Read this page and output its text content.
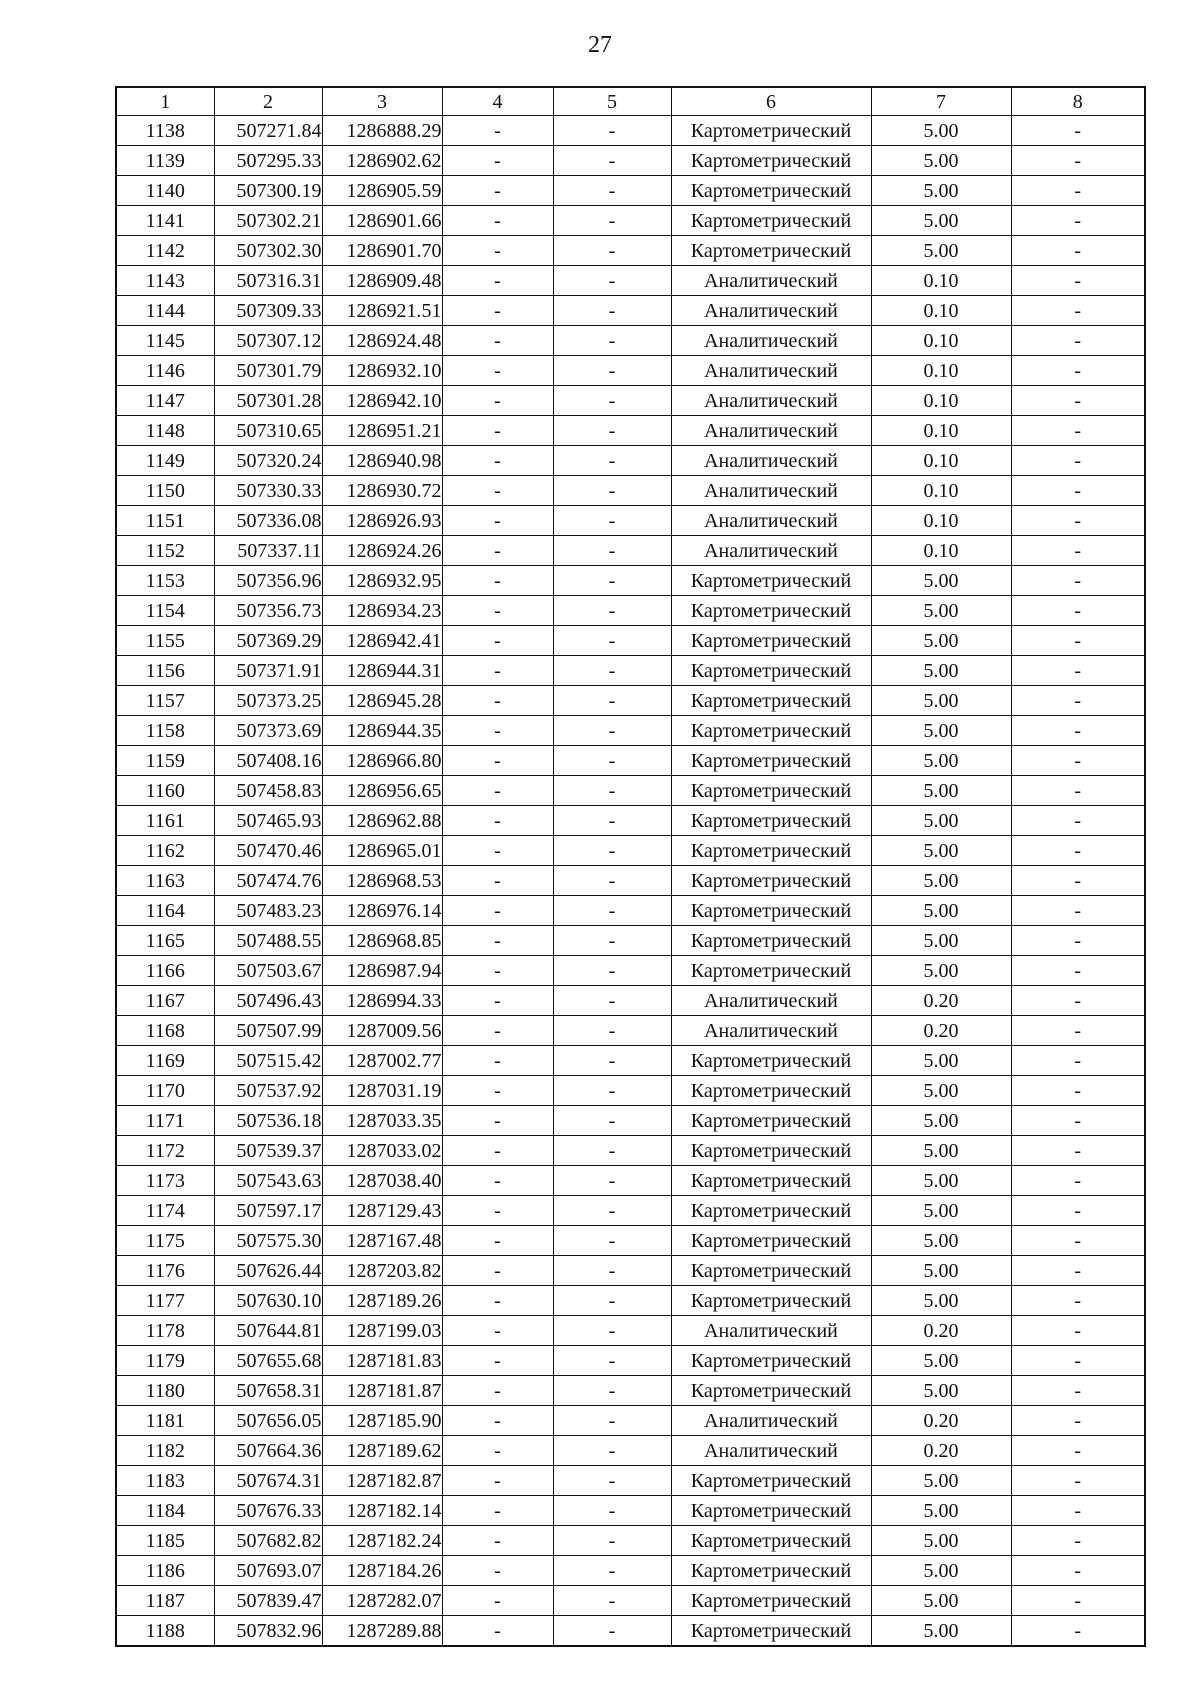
27
1	2	3	4	5	6	7	8
1138	507271.84	1286888.29	-	-	Картометрический	5.00	-
1139	507295.33	1286902.62	-	-	Картометрический	5.00	-
1140	507300.19	1286905.59	-	-	Картометрический	5.00	-
1141	507302.21	1286901.66	-	-	Картометрический	5.00	-
1142	507302.30	1286901.70	-	-	Картометрический	5.00	-
1143	507316.31	1286909.48	-	-	Аналитический	0.10	-
1144	507309.33	1286921.51	-	-	Аналитический	0.10	-
1145	507307.12	1286924.48	-	-	Аналитический	0.10	-
1146	507301.79	1286932.10	-	-	Аналитический	0.10	-
1147	507301.28	1286942.10	-	-	Аналитический	0.10	-
1148	507310.65	1286951.21	-	-	Аналитический	0.10	-
1149	507320.24	1286940.98	-	-	Аналитический	0.10	-
1150	507330.33	1286930.72	-	-	Аналитический	0.10	-
1151	507336.08	1286926.93	-	-	Аналитический	0.10	-
1152	507337.11	1286924.26	-	-	Аналитический	0.10	-
1153	507356.96	1286932.95	-	-	Картометрический	5.00	-
1154	507356.73	1286934.23	-	-	Картометрический	5.00	-
1155	507369.29	1286942.41	-	-	Картометрический	5.00	-
1156	507371.91	1286944.31	-	-	Картометрический	5.00	-
1157	507373.25	1286945.28	-	-	Картометрический	5.00	-
1158	507373.69	1286944.35	-	-	Картометрический	5.00	-
1159	507408.16	1286966.80	-	-	Картометрический	5.00	-
1160	507458.83	1286956.65	-	-	Картометрический	5.00	-
1161	507465.93	1286962.88	-	-	Картометрический	5.00	-
1162	507470.46	1286965.01	-	-	Картометрический	5.00	-
1163	507474.76	1286968.53	-	-	Картометрический	5.00	-
1164	507483.23	1286976.14	-	-	Картометрический	5.00	-
1165	507488.55	1286968.85	-	-	Картометрический	5.00	-
1166	507503.67	1286987.94	-	-	Картометрический	5.00	-
1167	507496.43	1286994.33	-	-	Аналитический	0.20	-
1168	507507.99	1287009.56	-	-	Аналитический	0.20	-
1169	507515.42	1287002.77	-	-	Картометрический	5.00	-
1170	507537.92	1287031.19	-	-	Картометрический	5.00	-
1171	507536.18	1287033.35	-	-	Картометрический	5.00	-
1172	507539.37	1287033.02	-	-	Картометрический	5.00	-
1173	507543.63	1287038.40	-	-	Картометрический	5.00	-
1174	507597.17	1287129.43	-	-	Картометрический	5.00	-
1175	507575.30	1287167.48	-	-	Картометрический	5.00	-
1176	507626.44	1287203.82	-	-	Картометрический	5.00	-
1177	507630.10	1287189.26	-	-	Картометрический	5.00	-
1178	507644.81	1287199.03	-	-	Аналитический	0.20	-
1179	507655.68	1287181.83	-	-	Картометрический	5.00	-
1180	507658.31	1287181.87	-	-	Картометрический	5.00	-
1181	507656.05	1287185.90	-	-	Аналитический	0.20	-
1182	507664.36	1287189.62	-	-	Аналитический	0.20	-
1183	507674.31	1287182.87	-	-	Картометрический	5.00	-
1184	507676.33	1287182.14	-	-	Картометрический	5.00	-
1185	507682.82	1287182.24	-	-	Картометрический	5.00	-
1186	507693.07	1287184.26	-	-	Картометрический	5.00	-
1187	507839.47	1287282.07	-	-	Картометрический	5.00	-
1188	507832.96	1287289.88	-	-	Картометрический	5.00	-
